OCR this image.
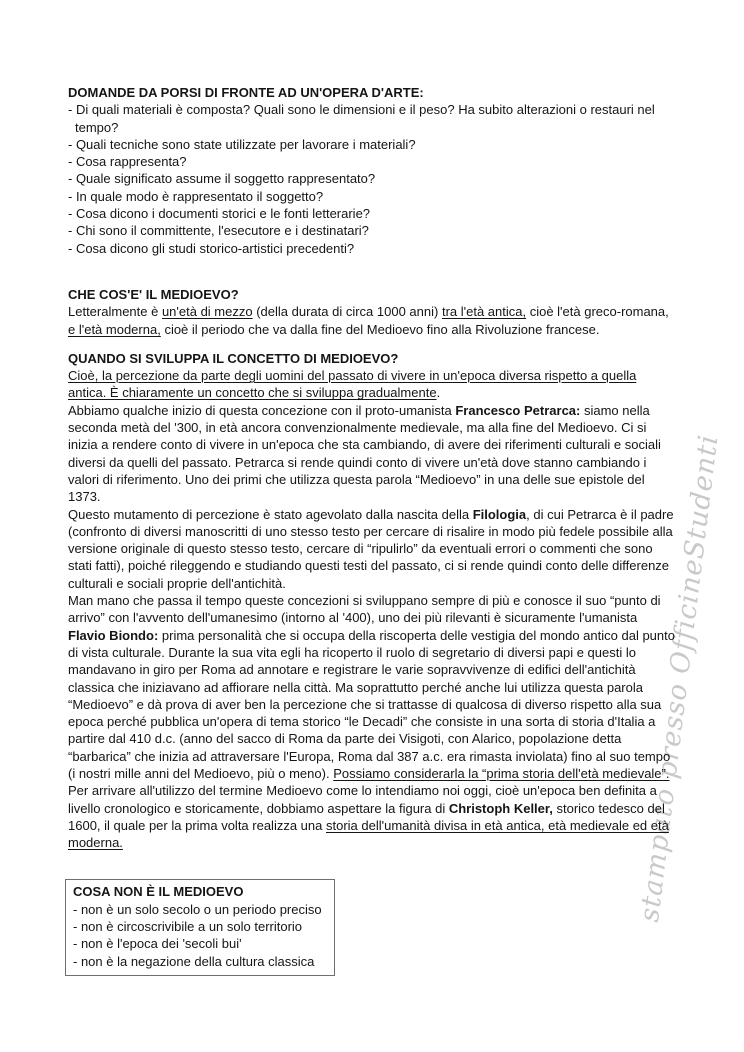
stampato presso OfficineStudenti
DOMANDE DA PORSI DI FRONTE AD UN'OPERA D'ARTE:
- Di quali materiali è composta? Quali sono le dimensioni e il peso? Ha subito alterazioni o restauri nel tempo?
- Quali tecniche sono state utilizzate per lavorare i materiali?
- Cosa rappresenta?
- Quale significato assume il soggetto rappresentato?
- In quale modo è rappresentato il soggetto?
- Cosa dicono i documenti storici e le fonti letterarie?
- Chi sono il committente, l'esecutore e i destinatari?
- Cosa dicono gli studi storico-artistici precedenti?
CHE COS'E' IL MEDIOEVO?

Letteralmente è un'età di mezzo (della durata di circa 1000 anni) tra l'età antica, cioè l'età greco-romana, e l'età moderna, cioè il periodo che va dalla fine del Medioevo fino alla Rivoluzione francese.

QUANDO SI SVILUPPA IL CONCETTO DI MEDIOEVO?

Cioè, la percezione da parte degli uomini del passato di vivere in un'epoca diversa rispetto a quella antica. È chiaramente un concetto che si sviluppa gradualmente.

Abbiamo qualche inizio di questa concezione con il proto-umanista Francesco Petrarca: siamo nella seconda metà del '300, in età ancora convenzionalmente medievale, ma alla fine del Medioevo. Ci si inizia a rendere conto di vivere in un'epoca che sta cambiando, di avere dei riferimenti culturali e sociali diversi da quelli del passato. Petrarca si rende quindi conto di vivere un'età dove stanno cambiando i valori di riferimento. Uno dei primi che utilizza questa parola “Medioevo” in una delle sue epistole del 1373.

Questo mutamento di percezione è stato agevolato dalla nascita della Filologia, di cui Petrarca è il padre (confronto di diversi manoscritti di uno stesso testo per cercare di risalire in modo più fedele possibile alla versione originale di questo stesso testo, cercare di “ripulirlo” da eventuali errori o commenti che sono stati fatti), poiché rileggendo e studiando questi testi del passato, ci si rende quindi conto delle differenze culturali e sociali proprie dell'antichità.

Man mano che passa il tempo queste concezioni si sviluppano sempre di più e conosce il suo “punto di arrivo” con l'avvento dell'umanesimo (intorno al '400), uno dei più rilevanti è sicuramente l'umanista Flavio Biondo: prima personalità che si occupa della riscoperta delle vestigia del mondo antico dal punto di vista culturale. Durante la sua vita egli ha ricoperto il ruolo di segretario di diversi papi e questi lo mandavano in giro per Roma ad annotare e registrare le varie sopravvivenze di edifici dell'antichità classica che iniziavano ad affiorare nella città. Ma soprattutto perché anche lui utilizza questa parola “Medioevo” e dà prova di aver ben la percezione che si trattasse di qualcosa di diverso rispetto alla sua epoca perché pubblica un'opera di tema storico “le Decadi” che consiste in una sorta di storia d'Italia a partire dal 410 d.c. (anno del sacco di Roma da parte dei Visigoti, con Alarico, popolazione detta “barbarica” che inizia ad attraversare l'Europa, Roma dal 387 a.c. era rimasta inviolata) fino al suo tempo (i nostri mille anni del Medioevo, più o meno). Possiamo considerarla la “prima storia dell'età medievale”.

Per arrivare all'utilizzo del termine Medioevo come lo intendiamo noi oggi, cioè un'epoca ben definita a livello cronologico e storicamente, dobbiamo aspettare la figura di Christoph Keller, storico tedesco del 1600, il quale per la prima volta realizza una storia dell'umanità divisa in età antica, età medievale ed età moderna.

COSA NON È IL MEDIOEVO
- non è un solo secolo o un periodo preciso
- non è circoscrivibile a un solo territorio
- non è l'epoca dei 'secoli bui'
- non è la negazione della cultura classica
